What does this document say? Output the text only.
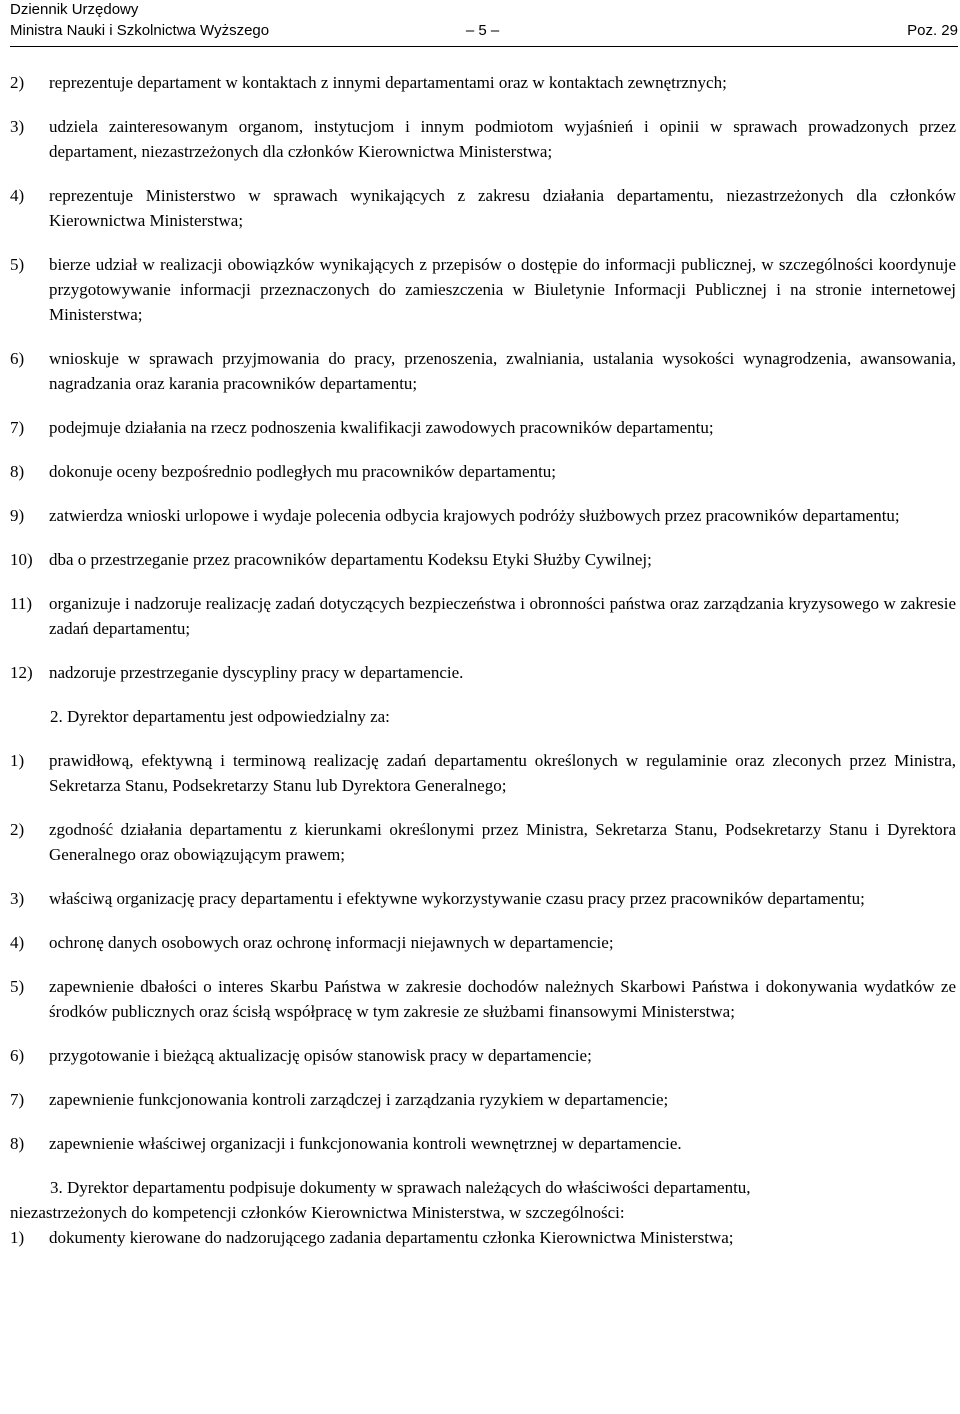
Dziennik Urzędowy
Ministra Nauki i Szkolnictwa Wyższego	– 5 –	Poz. 29
2)	reprezentuje departament w kontaktach z innymi departamentami oraz w kontaktach zewnętrznych;
3)	udziela zainteresowanym organom, instytucjom i innym podmiotom wyjaśnień i opinii w sprawach prowadzonych przez departament, niezastrzeżonych dla członków Kierownictwa Ministerstwa;
4)	reprezentuje Ministerstwo w sprawach wynikających z zakresu działania departamentu, niezastrzeżonych dla członków Kierownictwa Ministerstwa;
5)	bierze udział w realizacji obowiązków wynikających z przepisów o dostępie do informacji publicznej, w szczególności koordynuje przygotowywanie informacji przeznaczonych do zamieszczenia w Biuletynie Informacji Publicznej i na stronie internetowej Ministerstwa;
6)	wnioskuje w sprawach przyjmowania do pracy, przenoszenia, zwalniania, ustalania wysokości wynagrodzenia, awansowania, nagradzania oraz karania pracowników departamentu;
7)	podejmuje działania na rzecz podnoszenia kwalifikacji zawodowych pracowników departamentu;
8)	dokonuje oceny bezpośrednio podległych mu pracowników departamentu;
9)	zatwierdza wnioski urlopowe i wydaje polecenia odbycia krajowych podróży służbowych przez pracowników departamentu;
10) dba o przestrzeganie przez pracowników departamentu Kodeksu Etyki Służby Cywilnej;
11) organizuje i nadzoruje realizację zadań dotyczących bezpieczeństwa i obronności państwa oraz zarządzania kryzysowego w zakresie zadań departamentu;
12) nadzoruje przestrzeganie dyscypliny pracy w departamencie.
2. Dyrektor departamentu jest odpowiedzialny za:
1)	prawidłową, efektywną i terminową realizację zadań departamentu określonych w regulaminie oraz zleconych przez Ministra, Sekretarza Stanu, Podsekretarzy Stanu lub Dyrektora Generalnego;
2)	zgodność działania departamentu z kierunkami określonymi przez Ministra, Sekretarza Stanu, Podsekretarzy Stanu i Dyrektora Generalnego oraz obowiązującym prawem;
3)	właściwą organizację pracy departamentu i efektywne wykorzystywanie czasu pracy przez pracowników departamentu;
4)	ochronę danych osobowych oraz ochronę informacji niejawnych w departamencie;
5)	zapewnienie dbałości o interes Skarbu Państwa w zakresie dochodów należnych Skarbowi Państwa i dokonywania wydatków ze środków publicznych oraz ścisłą współpracę w tym zakresie ze służbami finansowymi Ministerstwa;
6)	przygotowanie i bieżącą aktualizację opisów stanowisk pracy w departamencie;
7)	zapewnienie funkcjonowania kontroli zarządczej i zarządzania ryzykiem w departamencie;
8)	zapewnienie właściwej organizacji i funkcjonowania kontroli wewnętrznej w departamencie.
3. Dyrektor departamentu podpisuje dokumenty w sprawach należących do właściwości departamentu,
niezastrzeżonych do kompetencji członków Kierownictwa Ministerstwa, w szczególności:
1)	dokumenty kierowane do nadzorującego zadania departamentu członka Kierownictwa Ministerstwa;
